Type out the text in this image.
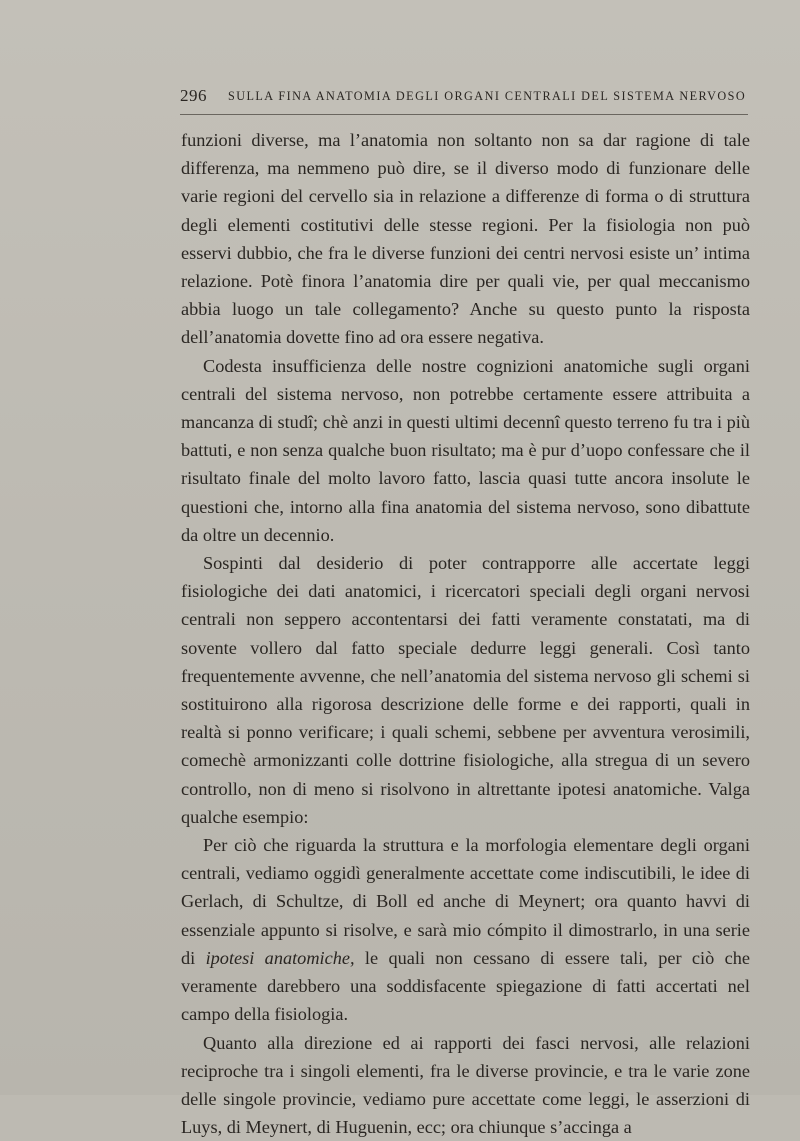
296 SULLA FINA ANATOMIA DEGLI ORGANI CENTRALI DEL SISTEMA NERVOSO

funzioni diverse, ma l’anatomia non soltanto non sa dar ragione di tale differenza, ma nemmeno può dire, se il diverso modo di funzionare delle varie regioni del cervello sia in relazione a differenze di forma o di struttura degli elementi costitutivi delle stesse regioni. Per la fisiologia non può esservi dubbio, che fra le diverse funzioni dei centri nervosi esiste un’ intima relazione. Potè finora l’anatomia dire per quali vie, per qual meccanismo abbia luogo un tale collegamento? Anche su questo punto la risposta dell’anatomia dovette fino ad ora essere negativa.

Codesta insufficienza delle nostre cognizioni anatomiche sugli organi centrali del sistema nervoso, non potrebbe certamente essere attribuita a mancanza di studî; chè anzi in questi ultimi decennî questo terreno fu tra i più battuti, e non senza qualche buon risultato; ma è pur d’uopo confessare che il risultato finale del molto lavoro fatto, lascia quasi tutte ancora insolute le questioni che, intorno alla fina anatomia del sistema nervoso, sono dibattute da oltre un decennio.

Sospinti dal desiderio di poter contrapporre alle accertate leggi fisiologiche dei dati anatomici, i ricercatori speciali degli organi nervosi centrali non seppero accontentarsi dei fatti veramente constatati, ma di sovente vollero dal fatto speciale dedurre leggi generali. Così tanto frequentemente avvenne, che nell’anatomia del sistema nervoso gli schemi si sostituirono alla rigorosa descrizione delle forme e dei rapporti, quali in realtà si ponno verificare; i quali schemi, sebbene per avventura verosimili, comechè armonizzanti colle dottrine fisiologiche, alla stregua di un severo controllo, non di meno si risolvono in altrettante ipotesi anatomiche. Valga qualche esempio:

Per ciò che riguarda la struttura e la morfologia elementare degli organi centrali, vediamo oggidì generalmente accettate come indiscutibili, le idee di Gerlach, di Schultze, di Boll ed anche di Meynert; ora quanto havvi di essenziale appunto si risolve, e sarà mio cómpito il dimostrarlo, in una serie di ipotesi anatomiche, le quali non cessano di essere tali, per ciò che veramente darebbero una soddisfacente spiegazione di fatti accertati nel campo della fisiologia.

Quanto alla direzione ed ai rapporti dei fasci nervosi, alle relazioni reciproche tra i singoli elementi, fra le diverse provincie, e tra le varie zone delle singole provincie, vediamo pure accettate come leggi, le asserzioni di Luys, di Meynert, di Huguenin, ecc; ora chiunque s’accinga a
